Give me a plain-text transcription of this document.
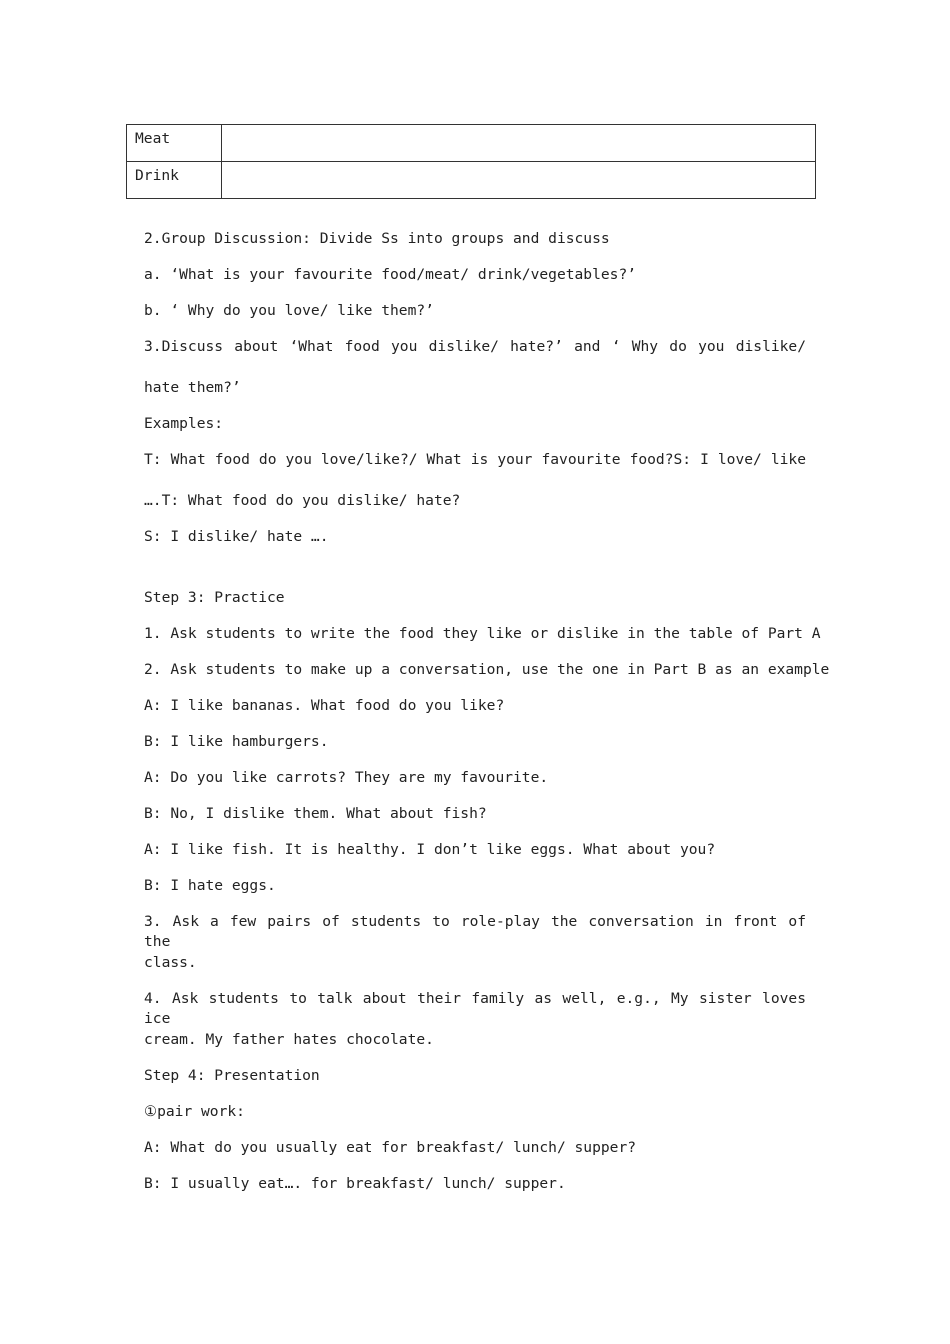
Meat	
Drink	
2.Group Discussion: Divide Ss into groups and discuss
a. ‘What is your favourite food/meat/ drink/vegetables?’
b. ‘ Why do you love/ like them?’
3.Discuss about ‘What food you dislike/ hate?’ and ‘ Why do you dislike/
hate them?’
Examples:
T: What food do you love/like?/ What is your favourite food?S: I love/ like
….T: What food do you dislike/ hate?
S: I dislike/ hate ….
Step 3: Practice
1. Ask students to write the food they like or dislike in the table of Part A
2. Ask students to make up a conversation, use the one in Part B as an example
A: I like bananas. What food do you like?
B: I like hamburgers.
A: Do you like carrots? They are my favourite.
B: No, I dislike them. What about fish?
A: I like fish. It is healthy. I don’t like eggs. What about you?
B: I hate eggs.
3. Ask a few pairs of students to role-play the conversation in front of the
class.
4. Ask students to talk about their family as well, e.g., My sister loves ice
cream. My father hates chocolate.
Step 4: Presentation
①pair work:
A: What do you usually eat for breakfast/ lunch/ supper?
B: I usually eat…. for breakfast/ lunch/ supper.
